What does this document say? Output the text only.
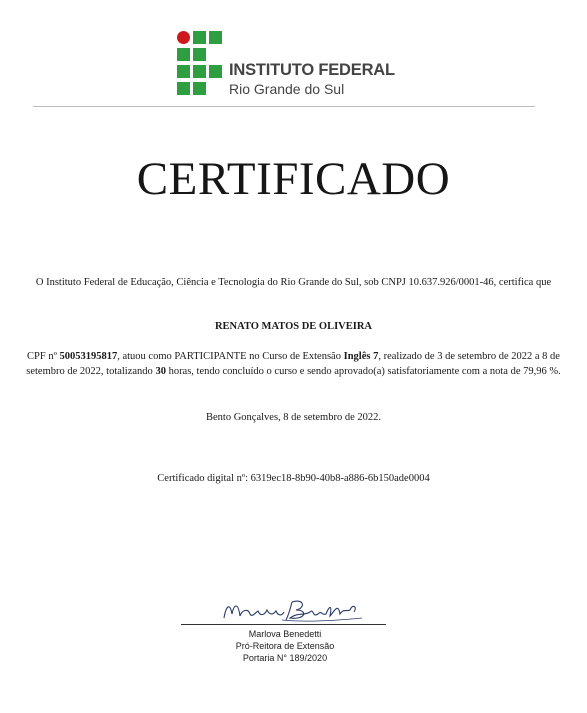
INSTITUTO FEDERAL
Rio Grande do Sul
CERTIFICADO
O Instituto Federal de Educação, Ciência e Tecnologia do Rio Grande do Sul, sob CNPJ 10.637.926/0001-46, certifica que
RENATO MATOS DE OLIVEIRA
CPF nº 50053195817, atuou como PARTICIPANTE no Curso de Extensão Inglês 7, realizado de 3 de setembro de 2022 a 8 de setembro de 2022, totalizando 30 horas, tendo concluído o curso e sendo aprovado(a) satisfatoriamente com a nota de 79,96 %.
Bento Gonçalves, 8 de setembro de 2022.
Certificado digital nº: 6319ec18-8b90-40b8-a886-6b150ade0004
Marlova Benedetti
Pró-Reitora de Extensão
Portaria N° 189/2020
